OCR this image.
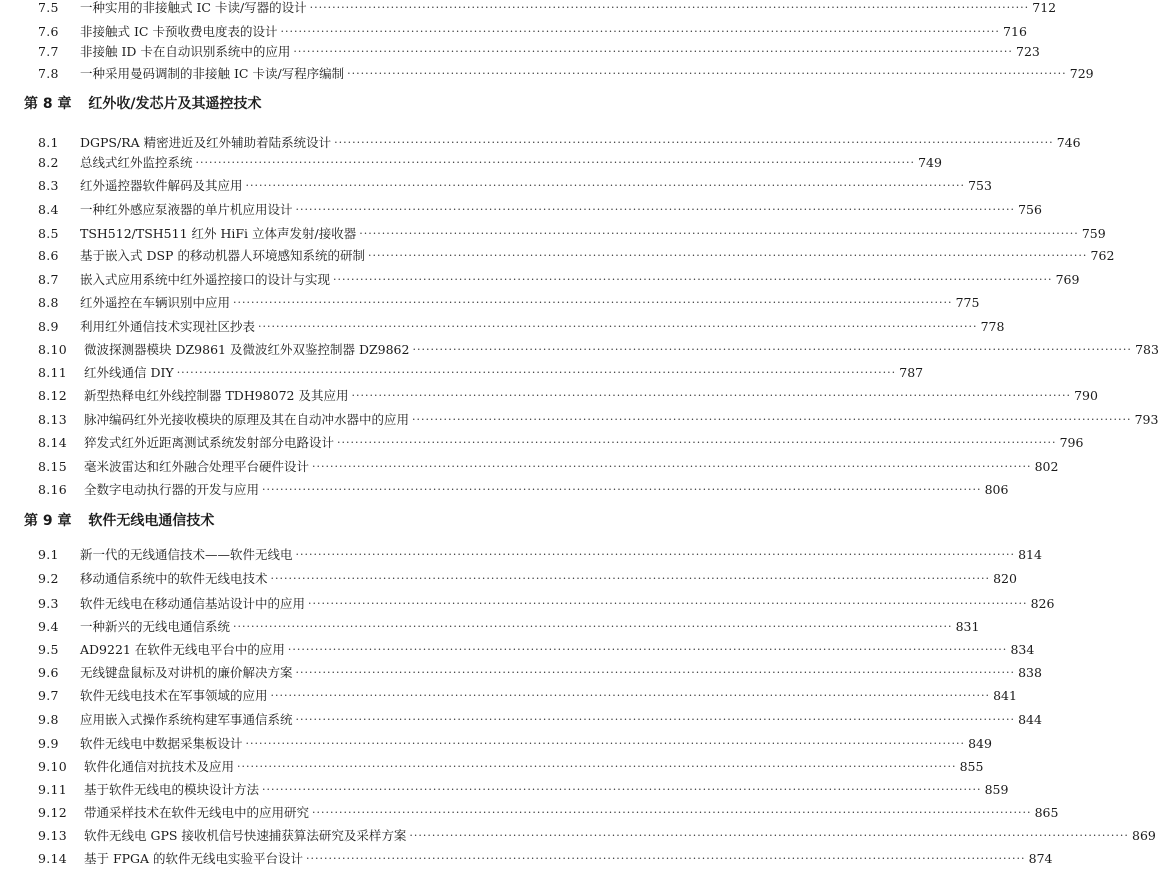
7.5	一种实用的非接触式 IC 卡读/写器的设计 ·····	712
7.6	非接触式 IC 卡预收费电度表的设计 ·····	716
7.7	非接触 ID 卡在自动识别系统中的应用 ·····	723
7.8	一种采用曼码调制的非接触 IC 卡读/写程序编制 ·····	729
第 8 章 红外收/发芯片及其遥控技术
8.1	DGPS/RA 精密进近及红外辅助着陆系统设计 ·····	746
8.2	总线式红外监控系统 ·····	749
8.3	红外遥控器软件解码及其应用 ·····	753
8.4	一种红外感应泵液器的单片机应用设计 ·····	756
8.5	TSH512/TSH511 红外 HiFi 立体声发射/接收器 ·····	759
8.6	基于嵌入式 DSP 的移动机器人环境感知系统的研制 ·····	762
8.7	嵌入式应用系统中红外遥控接口的设计与实现 ·····	769
8.8	红外遥控在车辆识别中应用 ·····	775
8.9	利用红外通信技术实现社区抄表 ·····	778
8.10	微波探测器模块 DZ9861 及微波红外双鉴控制器 DZ9862 ·····	783
8.11	红外线通信 DIY ·····	787
8.12	新型热释电红外线控制器 TDH98072 及其应用 ·····	790
8.13	脉冲编码红外光接收模块的原理及其在自动冲水器中的应用 ·····	793
8.14	猝发式红外近距离测试系统发射部分电路设计 ·····	796
8.15	毫米波雷达和红外融合处理平台硬件设计 ·····	802
8.16	全数字电动执行器的开发与应用 ·····	806
第 9 章 软件无线电通信技术
9.1	新一代的无线通信技术——软件无线电 ·····	814
9.2	移动通信系统中的软件无线电技术 ·····	820
9.3	软件无线电在移动通信基站设计中的应用 ·····	826
9.4	一种新兴的无线电通信系统 ·····	831
9.5	AD9221 在软件无线电平台中的应用 ·····	834
9.6	无线键盘鼠标及对讲机的廉价解决方案 ·····	838
9.7	软件无线电技术在军事领域的应用 ·····	841
9.8	应用嵌入式操作系统构建军事通信系统 ·····	844
9.9	软件无线电中数据采集板设计 ·····	849
9.10	软件化通信对抗技术及应用 ·····	855
9.11	基于软件无线电的模块设计方法 ·····	859
9.12	带通采样技术在软件无线电中的应用研究 ·····	865
9.13	软件无线电 GPS 接收机信号快速捕获算法研究及采样方案 ·····	869
9.14	基于 FPGA 的软件无线电实验平台设计 ·····	874
